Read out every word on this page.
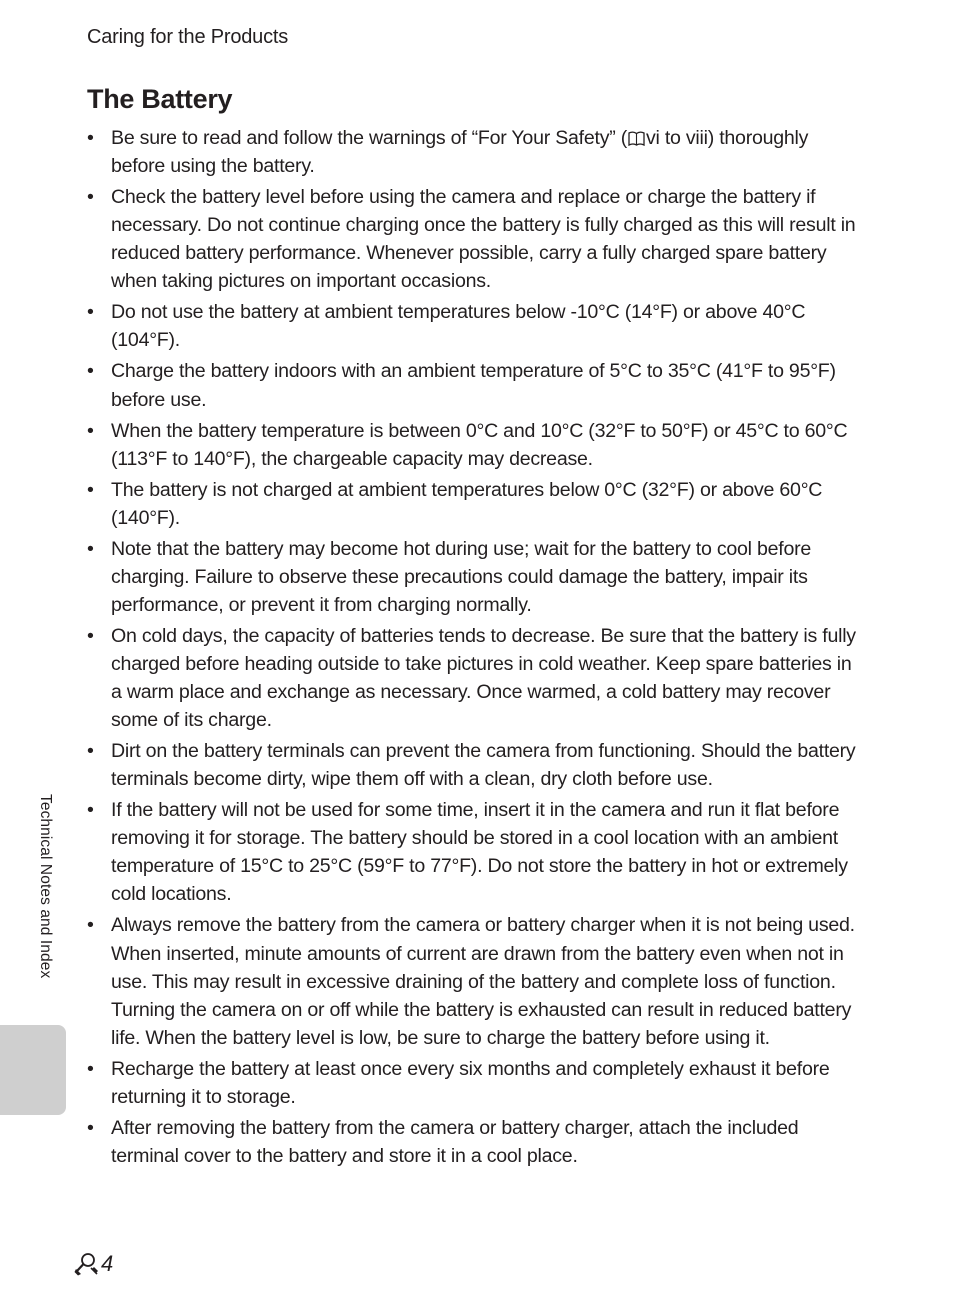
Caring for the Products
The Battery
• Be sure to read and follow the warnings of “For Your Safety” ( vi to viii) thoroughly before using the battery.
• Check the battery level before using the camera and replace or charge the battery if necessary. Do not continue charging once the battery is fully charged as this will result in reduced battery performance. Whenever possible, carry a fully charged spare battery when taking pictures on important occasions.
• Do not use the battery at ambient temperatures below -10°C (14°F) or above 40°C (104°F).
• Charge the battery indoors with an ambient temperature of 5°C to 35°C (41°F to 95°F) before use.
• When the battery temperature is between 0°C and 10°C (32°F to 50°F) or 45°C to 60°C (113°F to 140°F), the chargeable capacity may decrease.
• The battery is not charged at ambient temperatures below 0°C (32°F) or above 60°C (140°F).
• Note that the battery may become hot during use; wait for the battery to cool before charging. Failure to observe these precautions could damage the battery, impair its performance, or prevent it from charging normally.
• On cold days, the capacity of batteries tends to decrease. Be sure that the battery is fully charged before heading outside to take pictures in cold weather. Keep spare batteries in a warm place and exchange as necessary. Once warmed, a cold battery may recover some of its charge.
• Dirt on the battery terminals can prevent the camera from functioning. Should the battery terminals become dirty, wipe them off with a clean, dry cloth before use.
• If the battery will not be used for some time, insert it in the camera and run it flat before removing it for storage. The battery should be stored in a cool location with an ambient temperature of 15°C to 25°C (59°F to 77°F). Do not store the battery in hot or extremely cold locations.
• Always remove the battery from the camera or battery charger when it is not being used. When inserted, minute amounts of current are drawn from the battery even when not in use. This may result in excessive draining of the battery and complete loss of function. Turning the camera on or off while the battery is exhausted can result in reduced battery life. When the battery level is low, be sure to charge the battery before using it.
• Recharge the battery at least once every six months and completely exhaust it before returning it to storage.
• After removing the battery from the camera or battery charger, attach the included terminal cover to the battery and store it in a cool place.
Technical Notes and Index
4
